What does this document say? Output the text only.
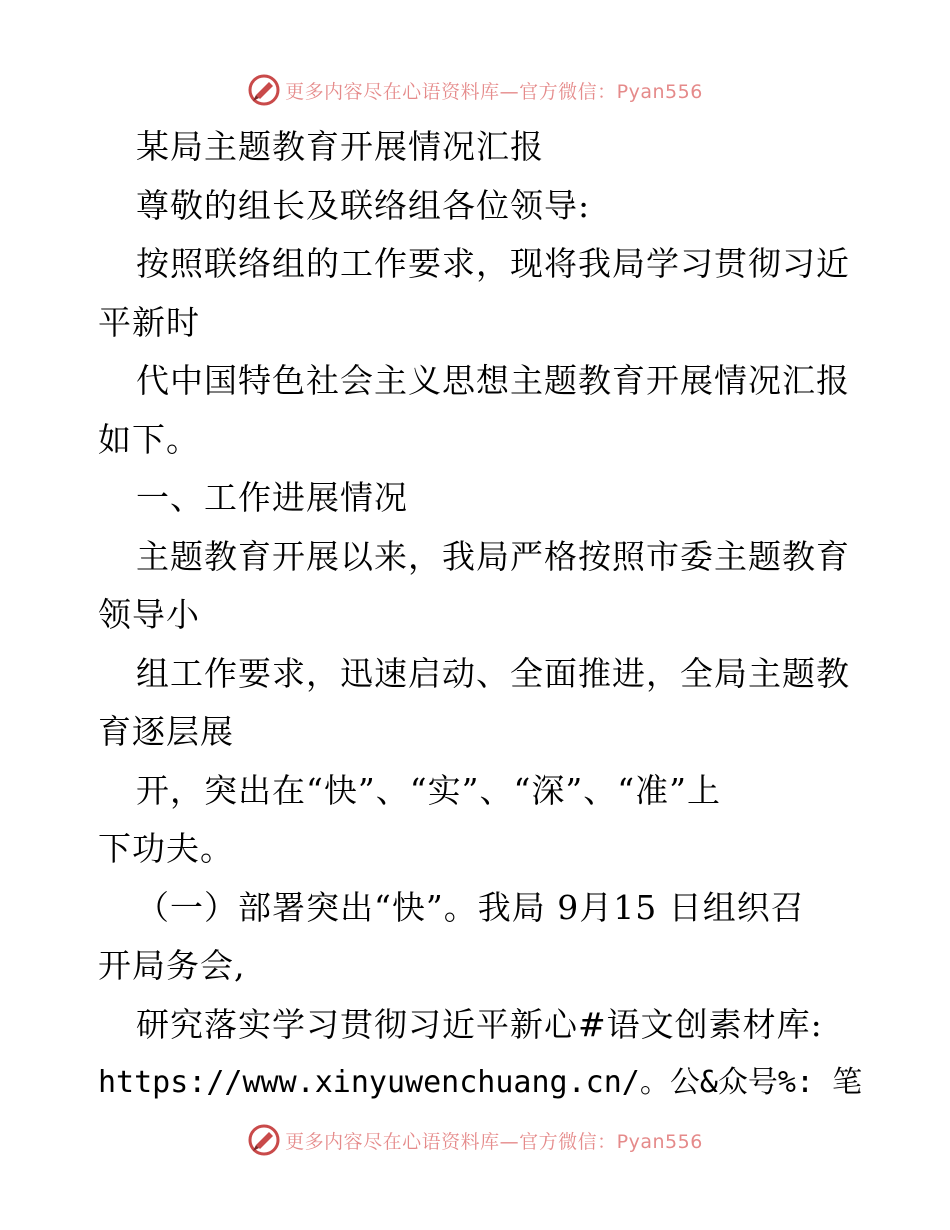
更多内容尽在心语资料库—官方微信：Pyan556
某局主题教育开展情况汇报
尊敬的组长及联络组各位领导:
按照联络组的工作要求，现将我局学习贯彻习近
平新时
代中国特色社会主义思想主题教育开展情况汇报
如下。
一、工作进展情况
主题教育开展以来，我局严格按照市委主题教育
领导小
组工作要求，迅速启动、全面推进，全局主题教
育逐层展
开，突出在“快”、“实”、“深”、“准”上
下功夫。
（一）部署突出“快”。我局 9月15 日组织召
开局务会,
研究落实学习贯彻习近平新心#语文创素材库:
https://www.xinyuwenchuang.cn/。公&众号%: 笔
更多内容尽在心语资料库—官方微信：Pyan556
